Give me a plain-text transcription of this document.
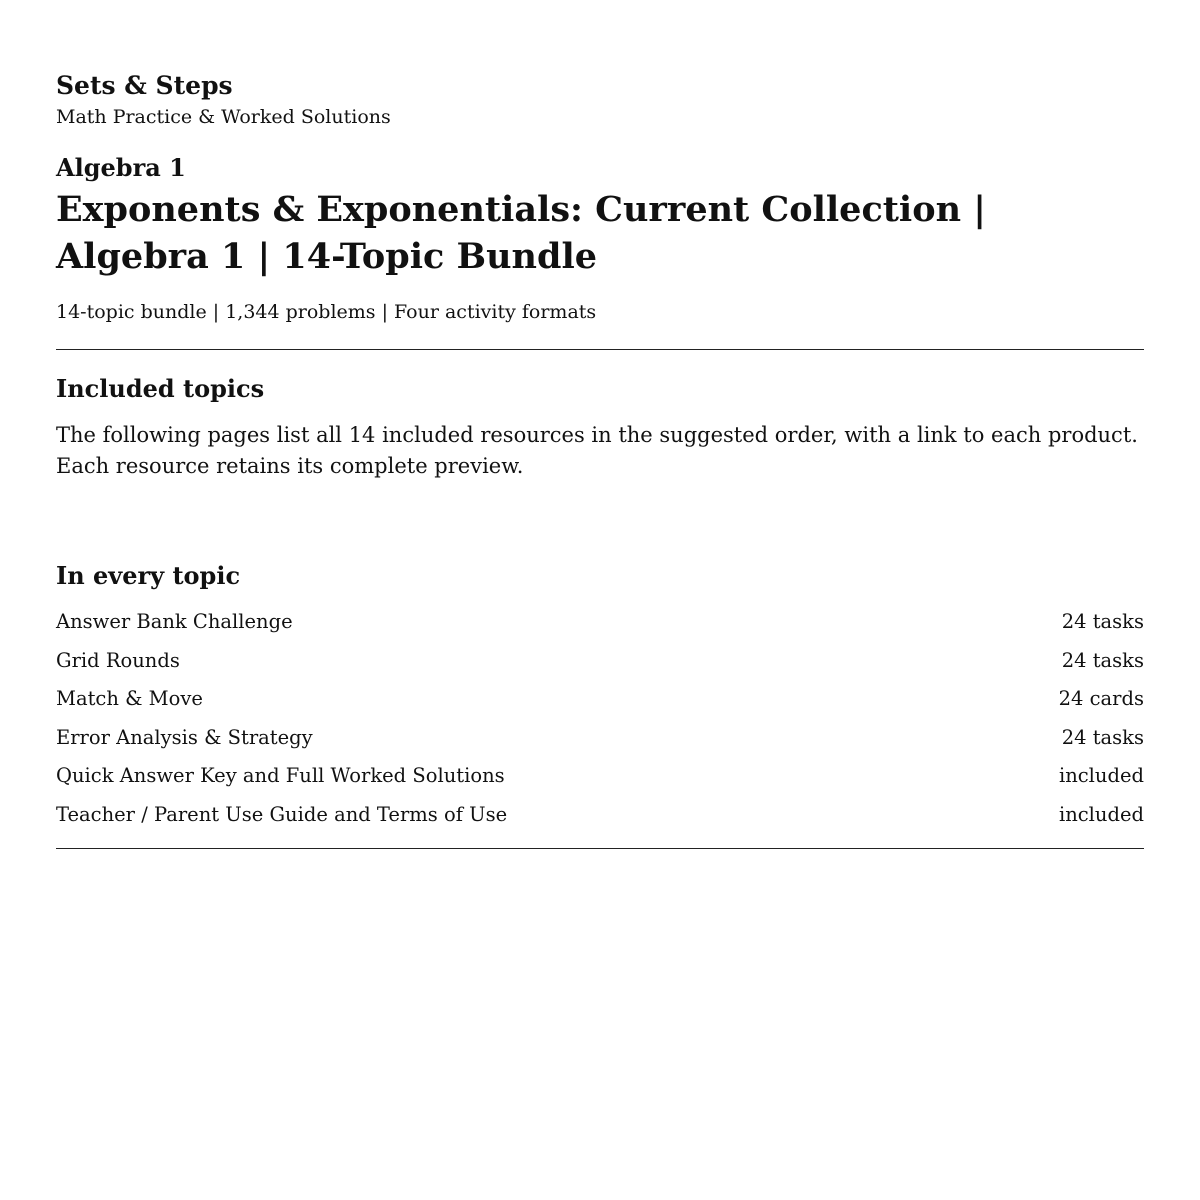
Sets & Steps
Math Practice & Worked Solutions
Algebra 1
Exponents & Exponentials: Current Collection | Algebra 1 | 14-Topic Bundle
14-topic bundle | 1,344 problems | Four activity formats
Included topics

The following pages list all 14 included resources in the suggested order, with a link to each product. Each resource retains its complete preview.

In every topic
Answer Bank Challenge	24 tasks
Grid Rounds	24 tasks
Match & Move	24 cards
Error Analysis & Strategy	24 tasks
Quick Answer Key and Full Worked Solutions	included
Teacher / Parent Use Guide and Terms of Use	included
